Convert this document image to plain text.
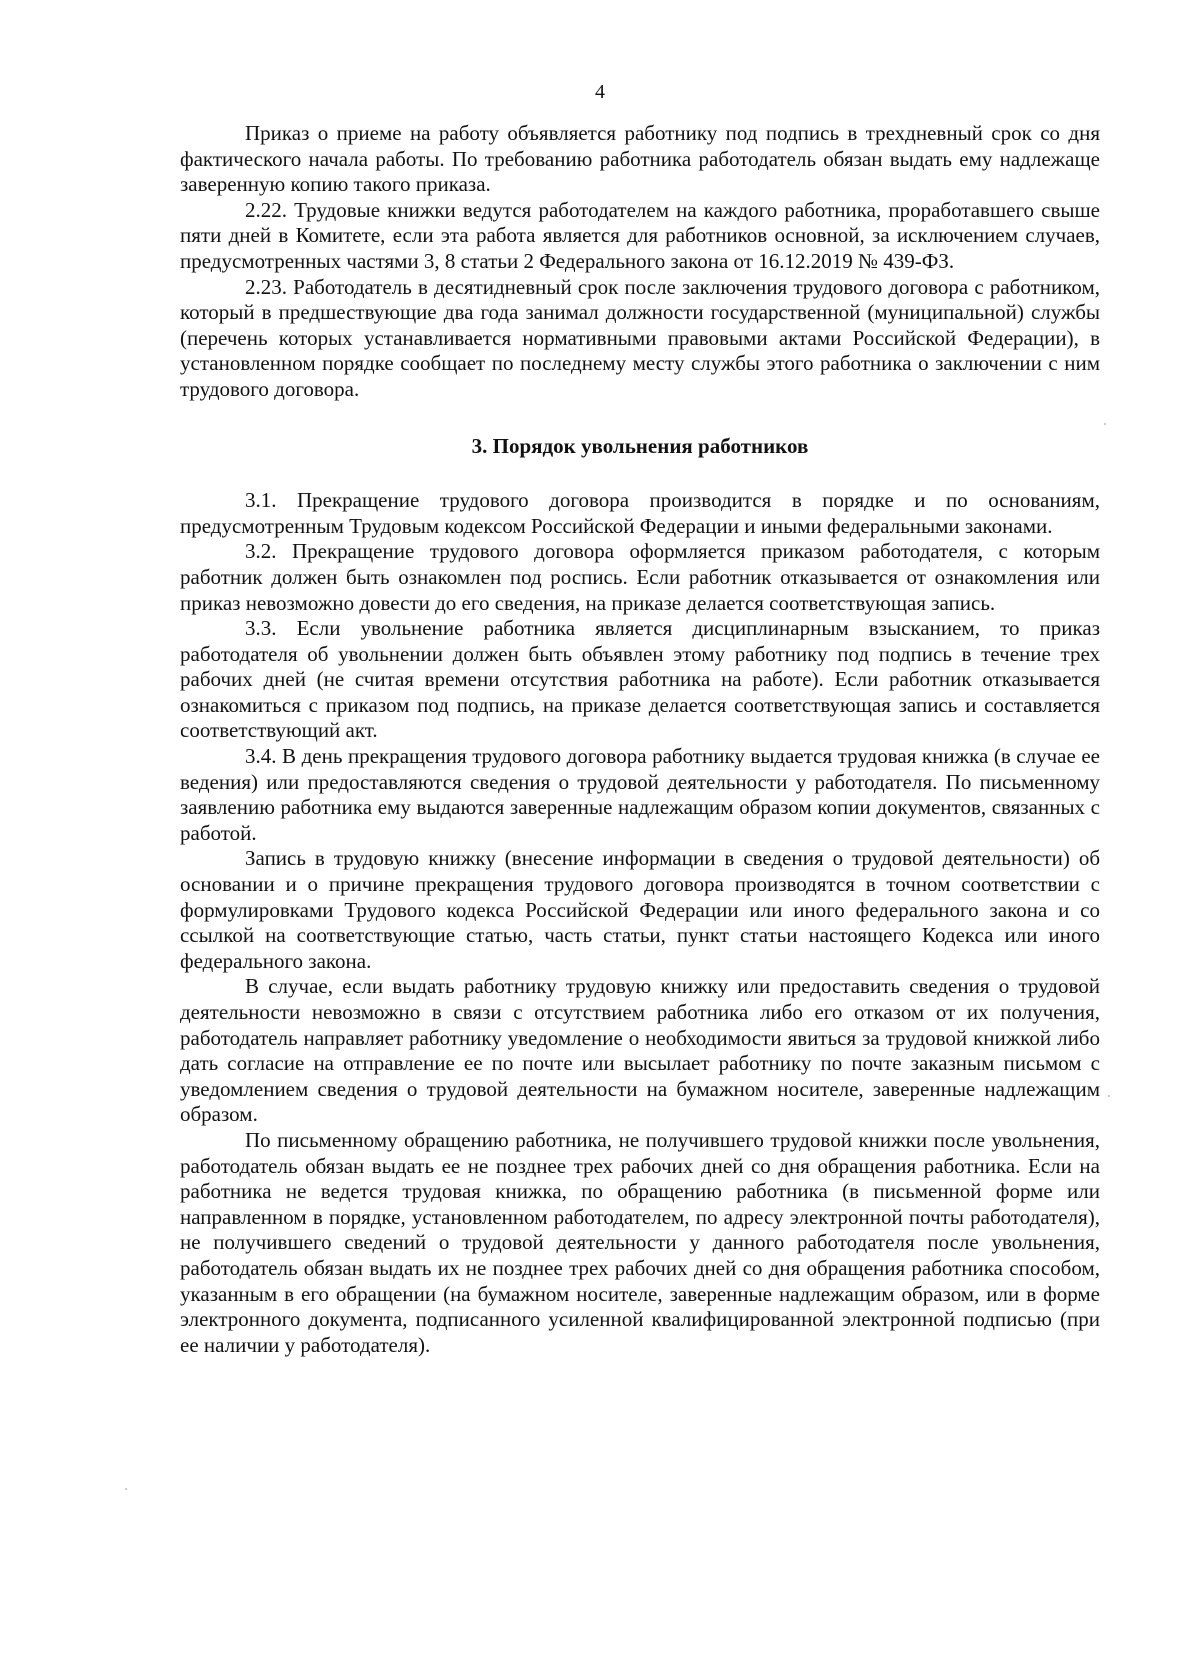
4

Приказ о приеме на работу объявляется работнику под подпись в трехдневный срок со дня фактического начала работы. По требованию работника работодатель обязан выдать ему надлежаще заверенную копию такого приказа.

2.22. Трудовые книжки ведутся работодателем на каждого работника, проработавшего свыше пяти дней в Комитете, если эта работа является для работников основной, за исключением случаев, предусмотренных частями 3, 8 статьи 2 Федерального закона от 16.12.2019 № 439-ФЗ.

2.23. Работодатель в десятидневный срок после заключения трудового договора с работником, который в предшествующие два года занимал должности государственной (муниципальной) службы (перечень которых устанавливается нормативными правовыми актами Российской Федерации), в установленном порядке сообщает по последнему месту службы этого работника о заключении с ним трудового договора.

3. Порядок увольнения работников

3.1. Прекращение трудового договора производится в порядке и по основаниям, предусмотренным Трудовым кодексом Российской Федерации и иными федеральными законами.

3.2. Прекращение трудового договора оформляется приказом работодателя, с которым работник должен быть ознакомлен под роспись. Если работник отказывается от ознакомления или приказ невозможно довести до его сведения, на приказе делается соответствующая запись.

3.3. Если увольнение работника является дисциплинарным взысканием, то приказ работодателя об увольнении должен быть объявлен этому работнику под подпись в течение трех рабочих дней (не считая времени отсутствия работника на работе). Если работник отказывается ознакомиться с приказом под подпись, на приказе делается соответствующая запись и составляется соответствующий акт.

3.4. В день прекращения трудового договора работнику выдается трудовая книжка (в случае ее ведения) или предоставляются сведения о трудовой деятельности у работодателя. По письменному заявлению работника ему выдаются заверенные надлежащим образом копии документов, связанных с работой.

Запись в трудовую книжку (внесение информации в сведения о трудовой деятельности) об основании и о причине прекращения трудового договора производятся в точном соответствии с формулировками Трудового кодекса Российской Федерации или иного федерального закона и со ссылкой на соответствующие статью, часть статьи, пункт статьи настоящего Кодекса или иного федерального закона.

В случае, если выдать работнику трудовую книжку или предоставить сведения о трудовой деятельности невозможно в связи с отсутствием работника либо его отказом от их получения, работодатель направляет работнику уведомление о необходимости явиться за трудовой книжкой либо дать согласие на отправление ее по почте или высылает работнику по почте заказным письмом с уведомлением сведения о трудовой деятельности на бумажном носителе, заверенные надлежащим образом.

По письменному обращению работника, не получившего трудовой книжки после увольнения, работодатель обязан выдать ее не позднее трех рабочих дней со дня обращения работника. Если на работника не ведется трудовая книжка, по обращению работника (в письменной форме или направленном в порядке, установленном работодателем, по адресу электронной почты работодателя), не получившего сведений о трудовой деятельности у данного работодателя после увольнения, работодатель обязан выдать их не позднее трех рабочих дней со дня обращения работника способом, указанным в его обращении (на бумажном носителе, заверенные надлежащим образом, или в форме электронного документа, подписанного усиленной квалифицированной электронной подписью (при ее наличии у работодателя).
